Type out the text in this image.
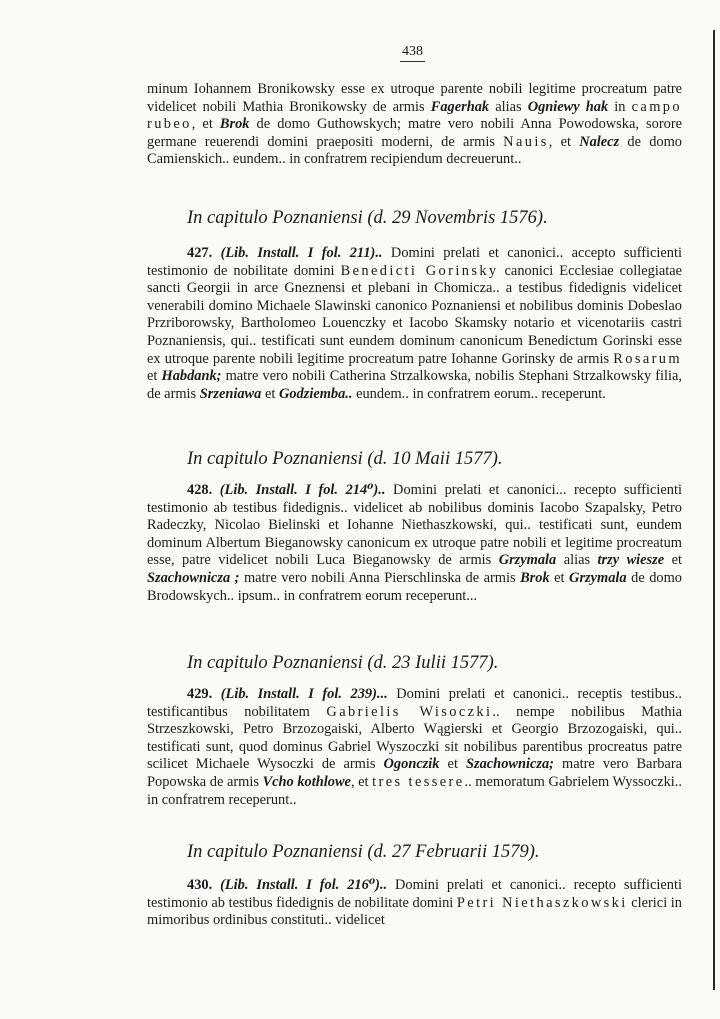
438
minum Iohannem Bronikowsky esse ex utroque parente nobili legitime procreatum patre videlicet nobili Mathia Bronikowsky de armis Fagerhak alias Ogniewy hak in campo rubeo, et Brok de domo Guthowskych; matre vero nobili Anna Powodowska, sorore germane reuerendi domini praepositi moderni, de armis Nauis, et Nalecz de domo Camienskich.. eundem.. in confratrem recipiendum decreuerunt..
In capitulo Poznaniensi (d. 29 Novembris 1576).
427. (Lib. Install. I fol. 211).. Domini prelati et canonici.. accepto sufficienti testimonio de nobilitate domini Benedicti Gorinsky canonici Ecclesiae collegiatae sancti Georgii in arce Gneznensi et plebani in Chomicza.. a testibus fidedignis videlicet venerabili domino Michaele Slawinski canonico Poznaniensi et nobilibus dominis Dobeslao Przriborowsky, Bartholomeo Louenczky et Iacobo Skamsky notario et vicenotariis castri Poznaniensis, qui.. testificati sunt eundem dominum canonicum Benedictum Gorinski esse ex utroque parente nobili legitime procreatum patre Iohanne Gorinsky de armis Rosarum et Habdank; matre vero nobili Catherina Strzalkowska, nobilis Stephani Strzalkowsky filia, de armis Srzeniawa et Godziemba.. eundem.. in confratrem eorum.. receperunt.
In capitulo Poznaniensi (d. 10 Maii 1577).
428. (Lib. Install. I fol. 214⁰).. Domini prelati et canonici... recepto sufficienti testimonio ab testibus fidedignis.. videlicet ab nobilibus dominis Iacobo Szapalsky, Petro Radeczky, Nicolao Bielinski et Iohanne Niethaszkowski, qui.. testificati sunt, eundem dominum Albertum Bieganowsky canonicum ex utroque patre nobili et legitime procreatum esse, patre videlicet nobili Luca Bieganowsky de armis Grzymala alias trzy wiesze et Szachownicza ; matre vero nobili Anna Pierschlinska de armis Brok et Grzymala de domo Brodowskych.. ipsum.. in confratrem eorum receperunt...
In capitulo Poznaniensi (d. 23 Iulii 1577).
429. (Lib. Install. I fol. 239)... Domini prelati et canonici.. receptis testibus.. testificantibus nobilitatem Gabrielis Wisoczki.. nempe nobilibus Mathia Strzeszkowski, Petro Brzozogaiski, Alberto Wągierski et Georgio Brzozogaiski, qui.. testificati sunt, quod dominus Gabriel Wyszoczki sit nobilibus parentibus procreatus patre scilicet Michaele Wysoczki de armis Ogonczik et Szachownicza; matre vero Barbara Popowska de armis Vcho kothlowe, et tres tessere.. memoratum Gabrielem Wyssoczki.. in confratrem receperunt..
In capitulo Poznaniensi (d. 27 Februarii 1579).
430. (Lib. Install. I fol. 216⁰).. Domini prelati et canonici.. recepto sufficienti testimonio ab testibus fidedignis de nobilitate domini Petri Niethaszkowski clerici in mimoribus ordinibus constituti.. videlicet
